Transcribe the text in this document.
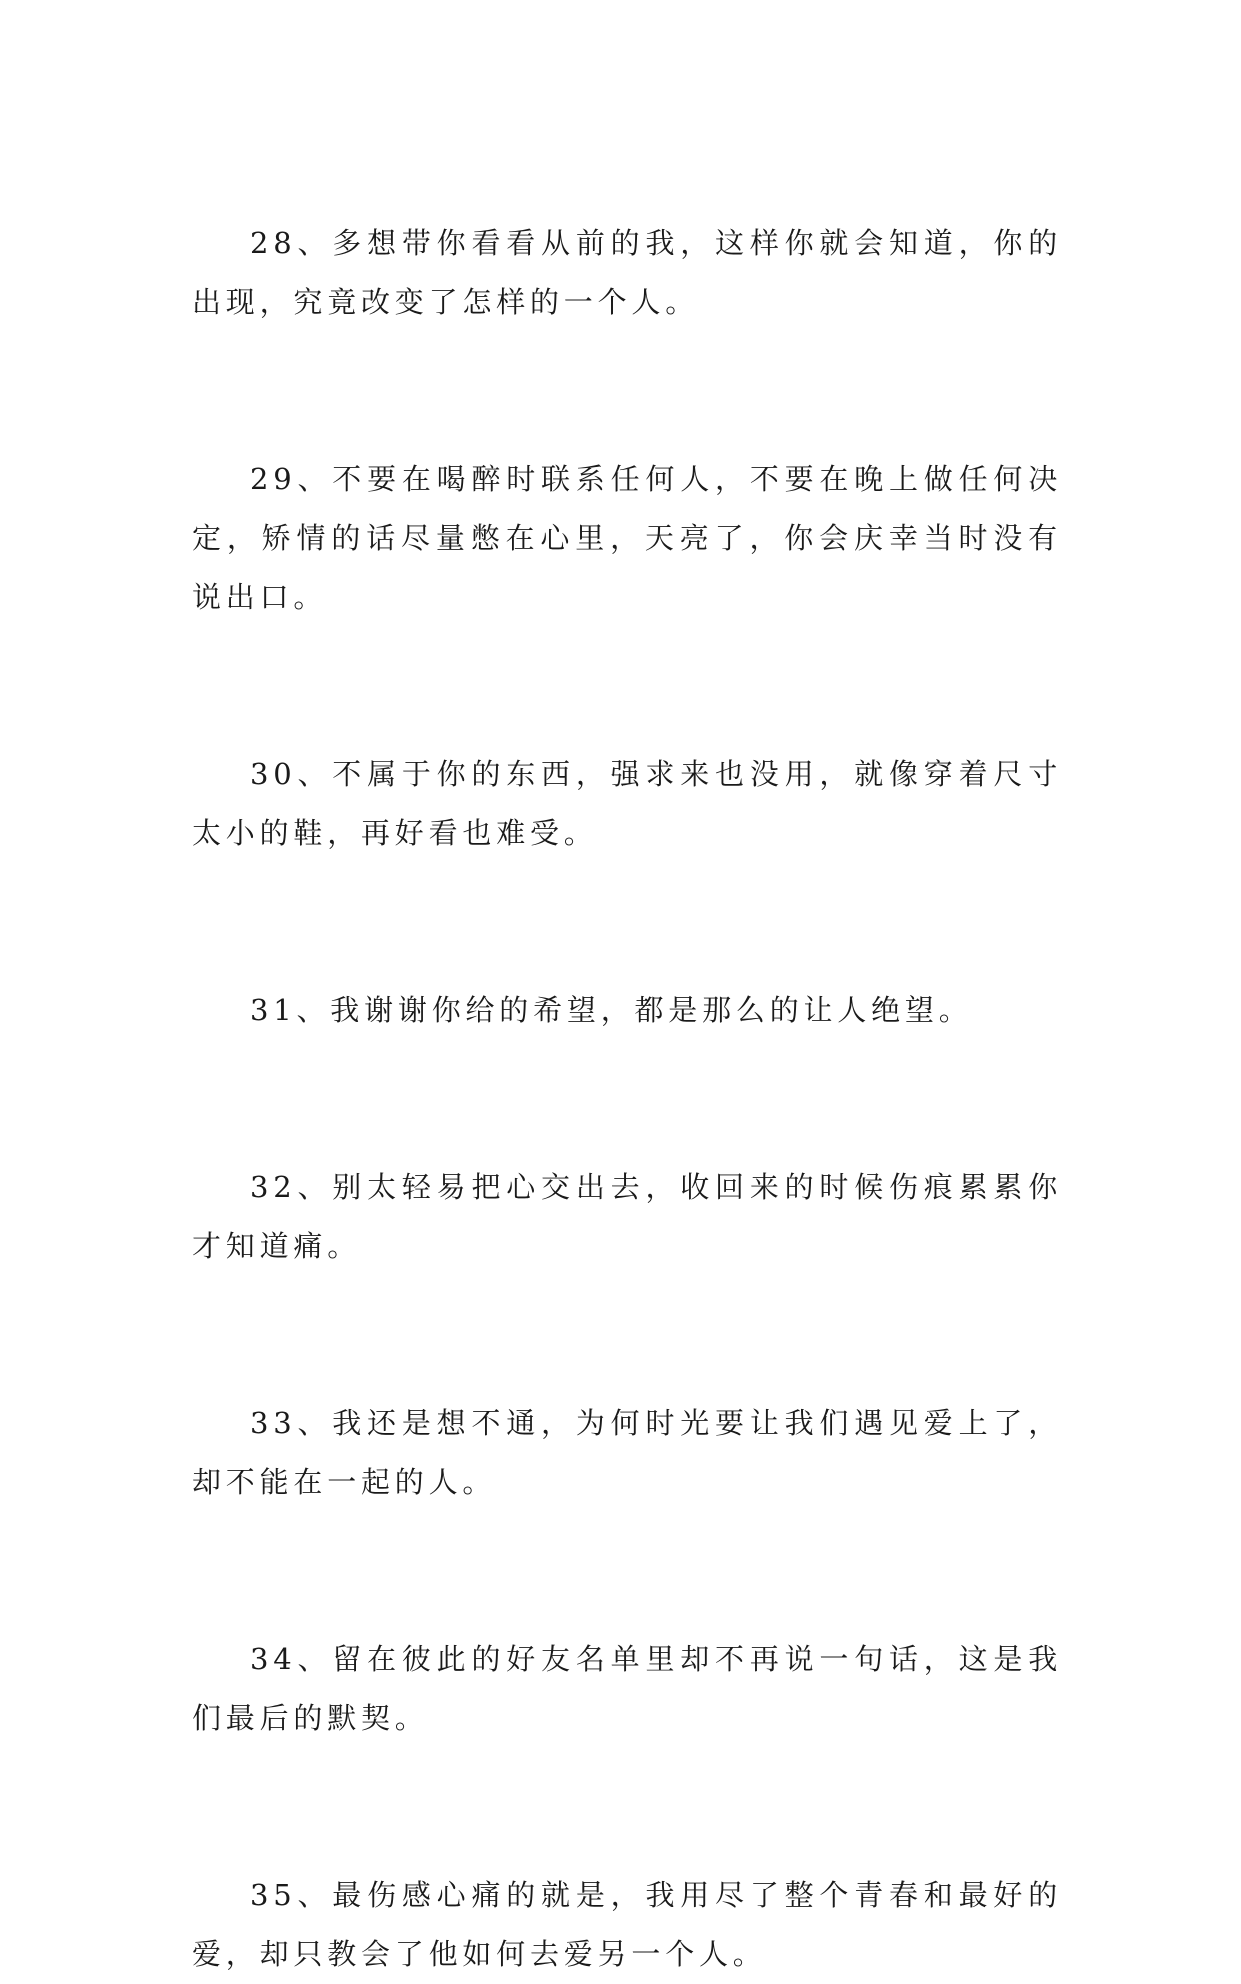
28、多想带你看看从前的我，这样你就会知道，你的出现，究竟改变了怎样的一个人。

29、不要在喝醉时联系任何人，不要在晚上做任何决定，矫情的话尽量憋在心里，天亮了，你会庆幸当时没有说出口。

30、不属于你的东西，强求来也没用，就像穿着尺寸太小的鞋，再好看也难受。

31、我谢谢你给的希望，都是那么的让人绝望。

32、别太轻易把心交出去，收回来的时候伤痕累累你才知道痛。

33、我还是想不通，为何时光要让我们遇见爱上了，却不能在一起的人。

34、留在彼此的好友名单里却不再说一句话，这是我们最后的默契。

35、最伤感心痛的就是，我用尽了整个青春和最好的爱，却只教会了他如何去爱另一个人。
